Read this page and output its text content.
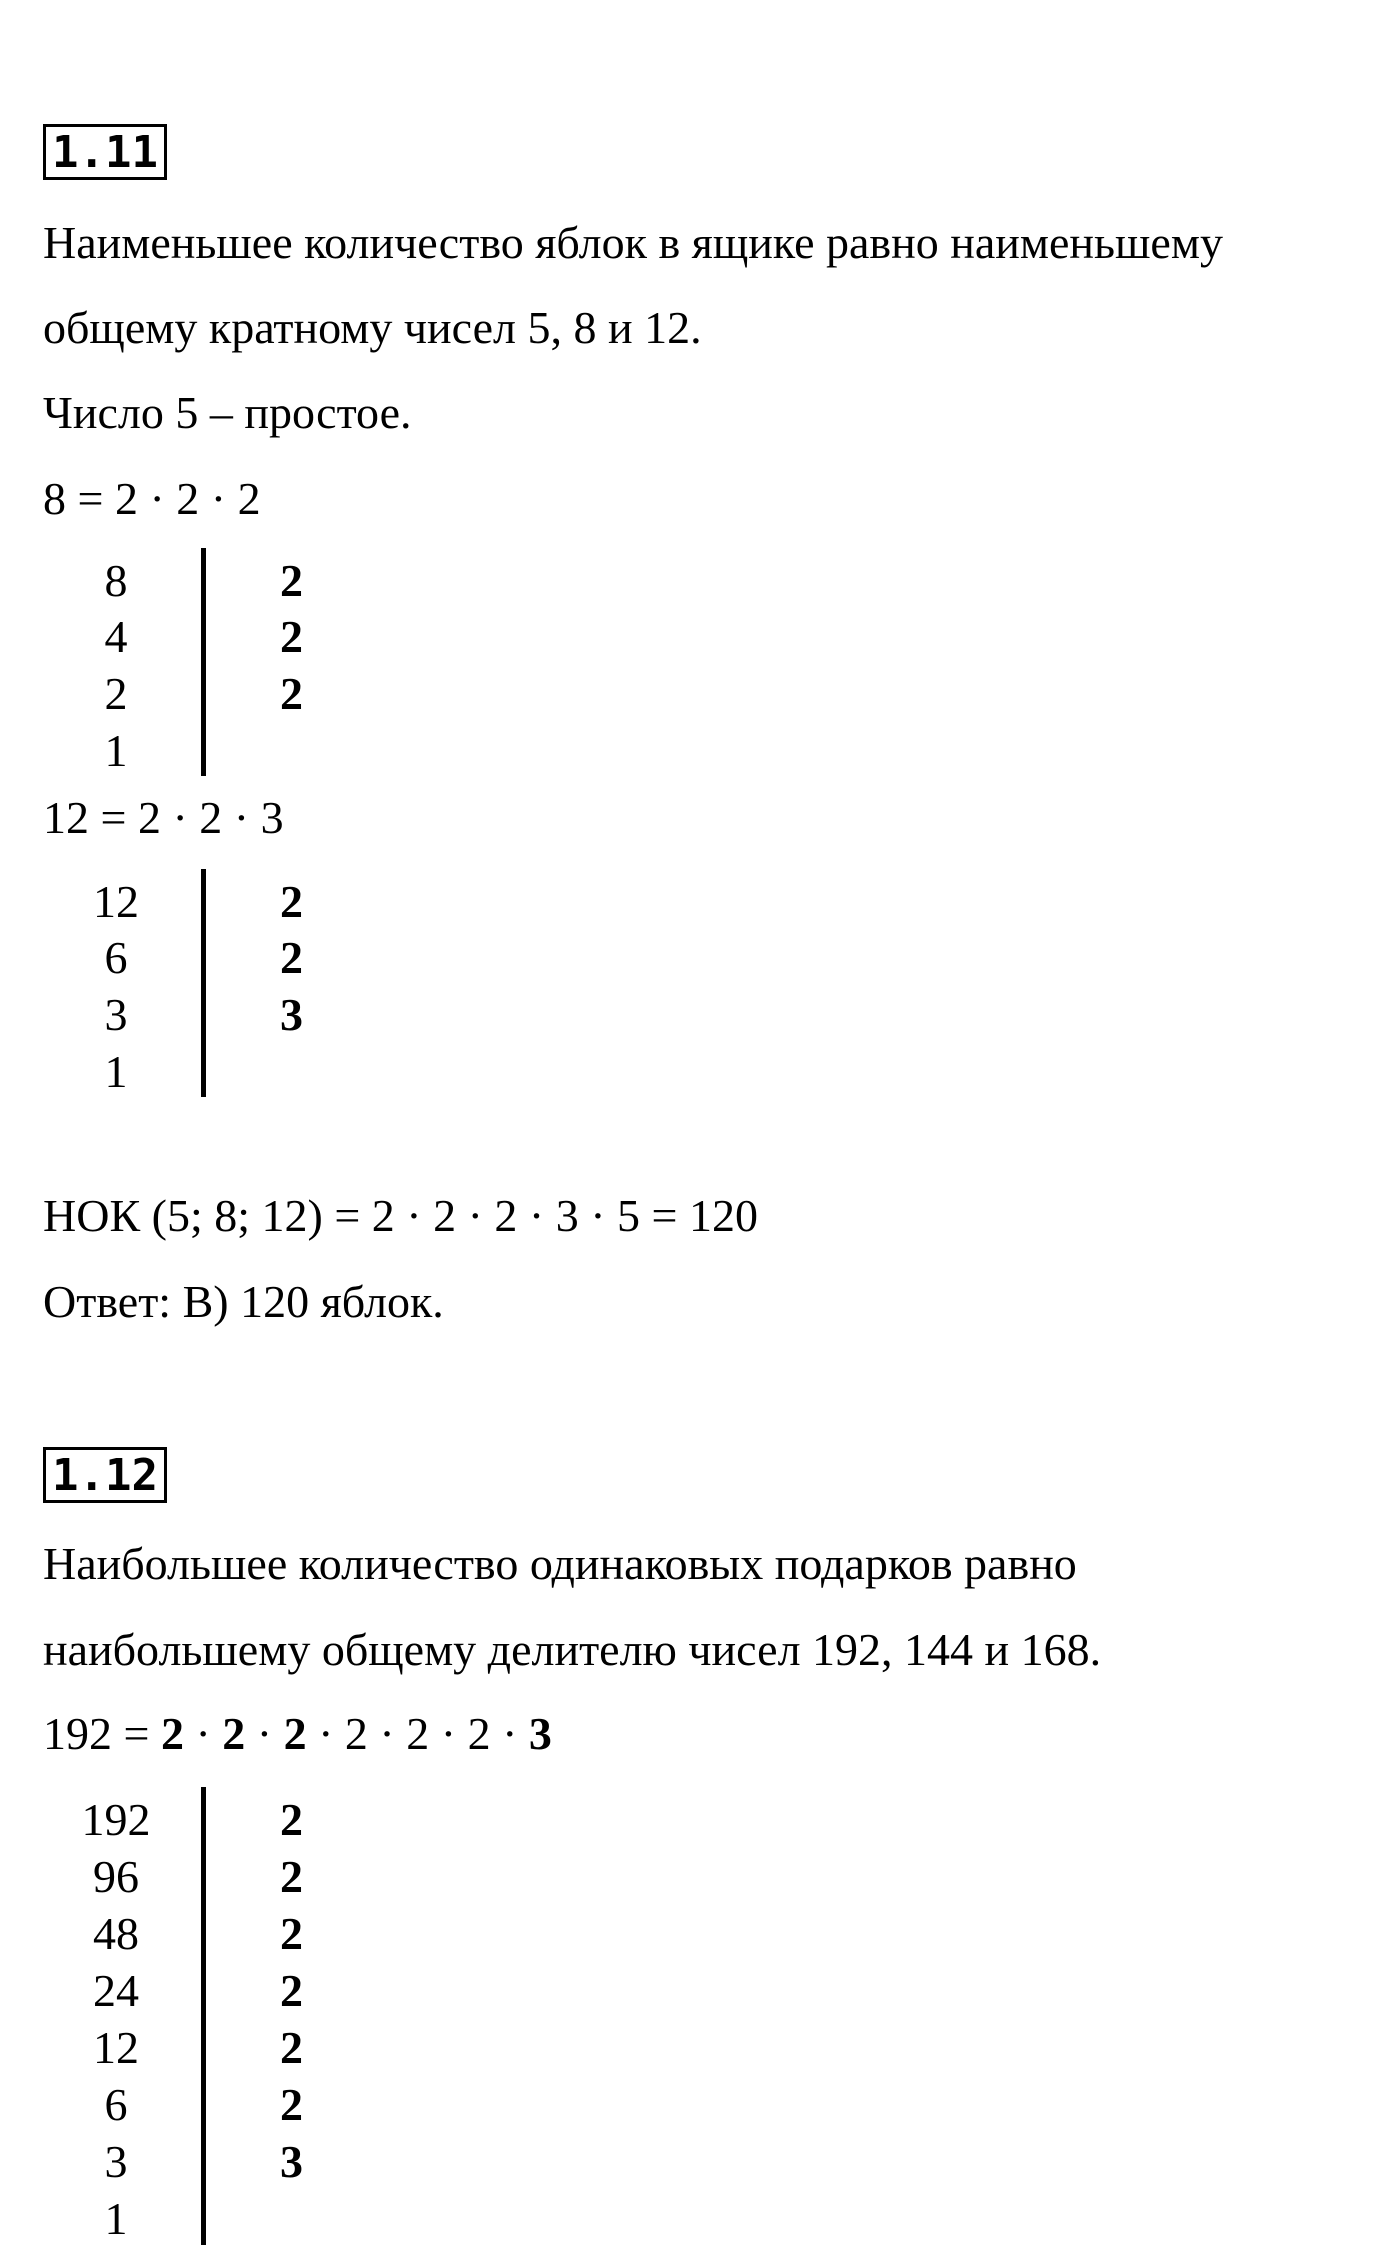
1.11
Наименьшее количество яблок в ящике равно наименьшему
общему кратному чисел 5, 8 и 12.
Число 5 – простое.
8 = 2 · 2 · 2
8
4
2
1
2
2
2
12 = 2 · 2 · 3
12
6
3
1
2
2
3
НОК (5; 8; 12) = 2 · 2 · 2 · 3 · 5 = 120
Ответ: В) 120 яблок.
1.12
Наибольшее количество одинаковых подарков равно
наибольшему общему делителю чисел 192, 144 и 168.
192 = 2 · 2 · 2 · 2 · 2 · 2 · 3
192
96
48
24
12
6
3
1
2
2
2
2
2
2
3
